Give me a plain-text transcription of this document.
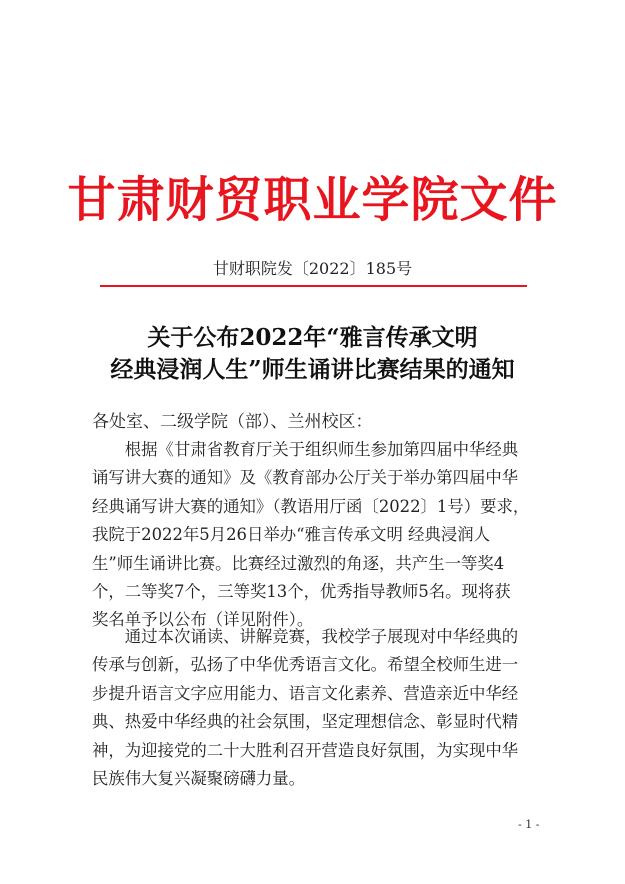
甘肃财贸职业学院文件
甘财职院发〔2022〕185号
关于公布2022年“雅言传承文明
经典浸润人生”师生诵讲比赛结果的通知
各处室、二级学院（部）、兰州校区：
　　根据《甘肃省教育厅关于组织师生参加第四届中华经典
诵写讲大赛的通知》及《教育部办公厅关于举办第四届中华
经典诵写讲大赛的通知》（教语用厅函〔2022〕1号）要求，
我院于2022年5月26日举办“雅言传承文明 经典浸润人
生”师生诵讲比赛。比赛经过激烈的角逐，共产生一等奖4
个，二等奖7个，三等奖13个，优秀指导教师5名。现将获
奖名单予以公布（详见附件）。
　　通过本次诵读、讲解竞赛，我校学子展现对中华经典的
传承与创新，弘扬了中华优秀语言文化。希望全校师生进一
步提升语言文字应用能力、语言文化素养、营造亲近中华经
典、热爱中华经典的社会氛围，坚定理想信念、彰显时代精
神，为迎接党的二十大胜利召开营造良好氛围，为实现中华
民族伟大复兴凝聚磅礴力量。
- 1 -
